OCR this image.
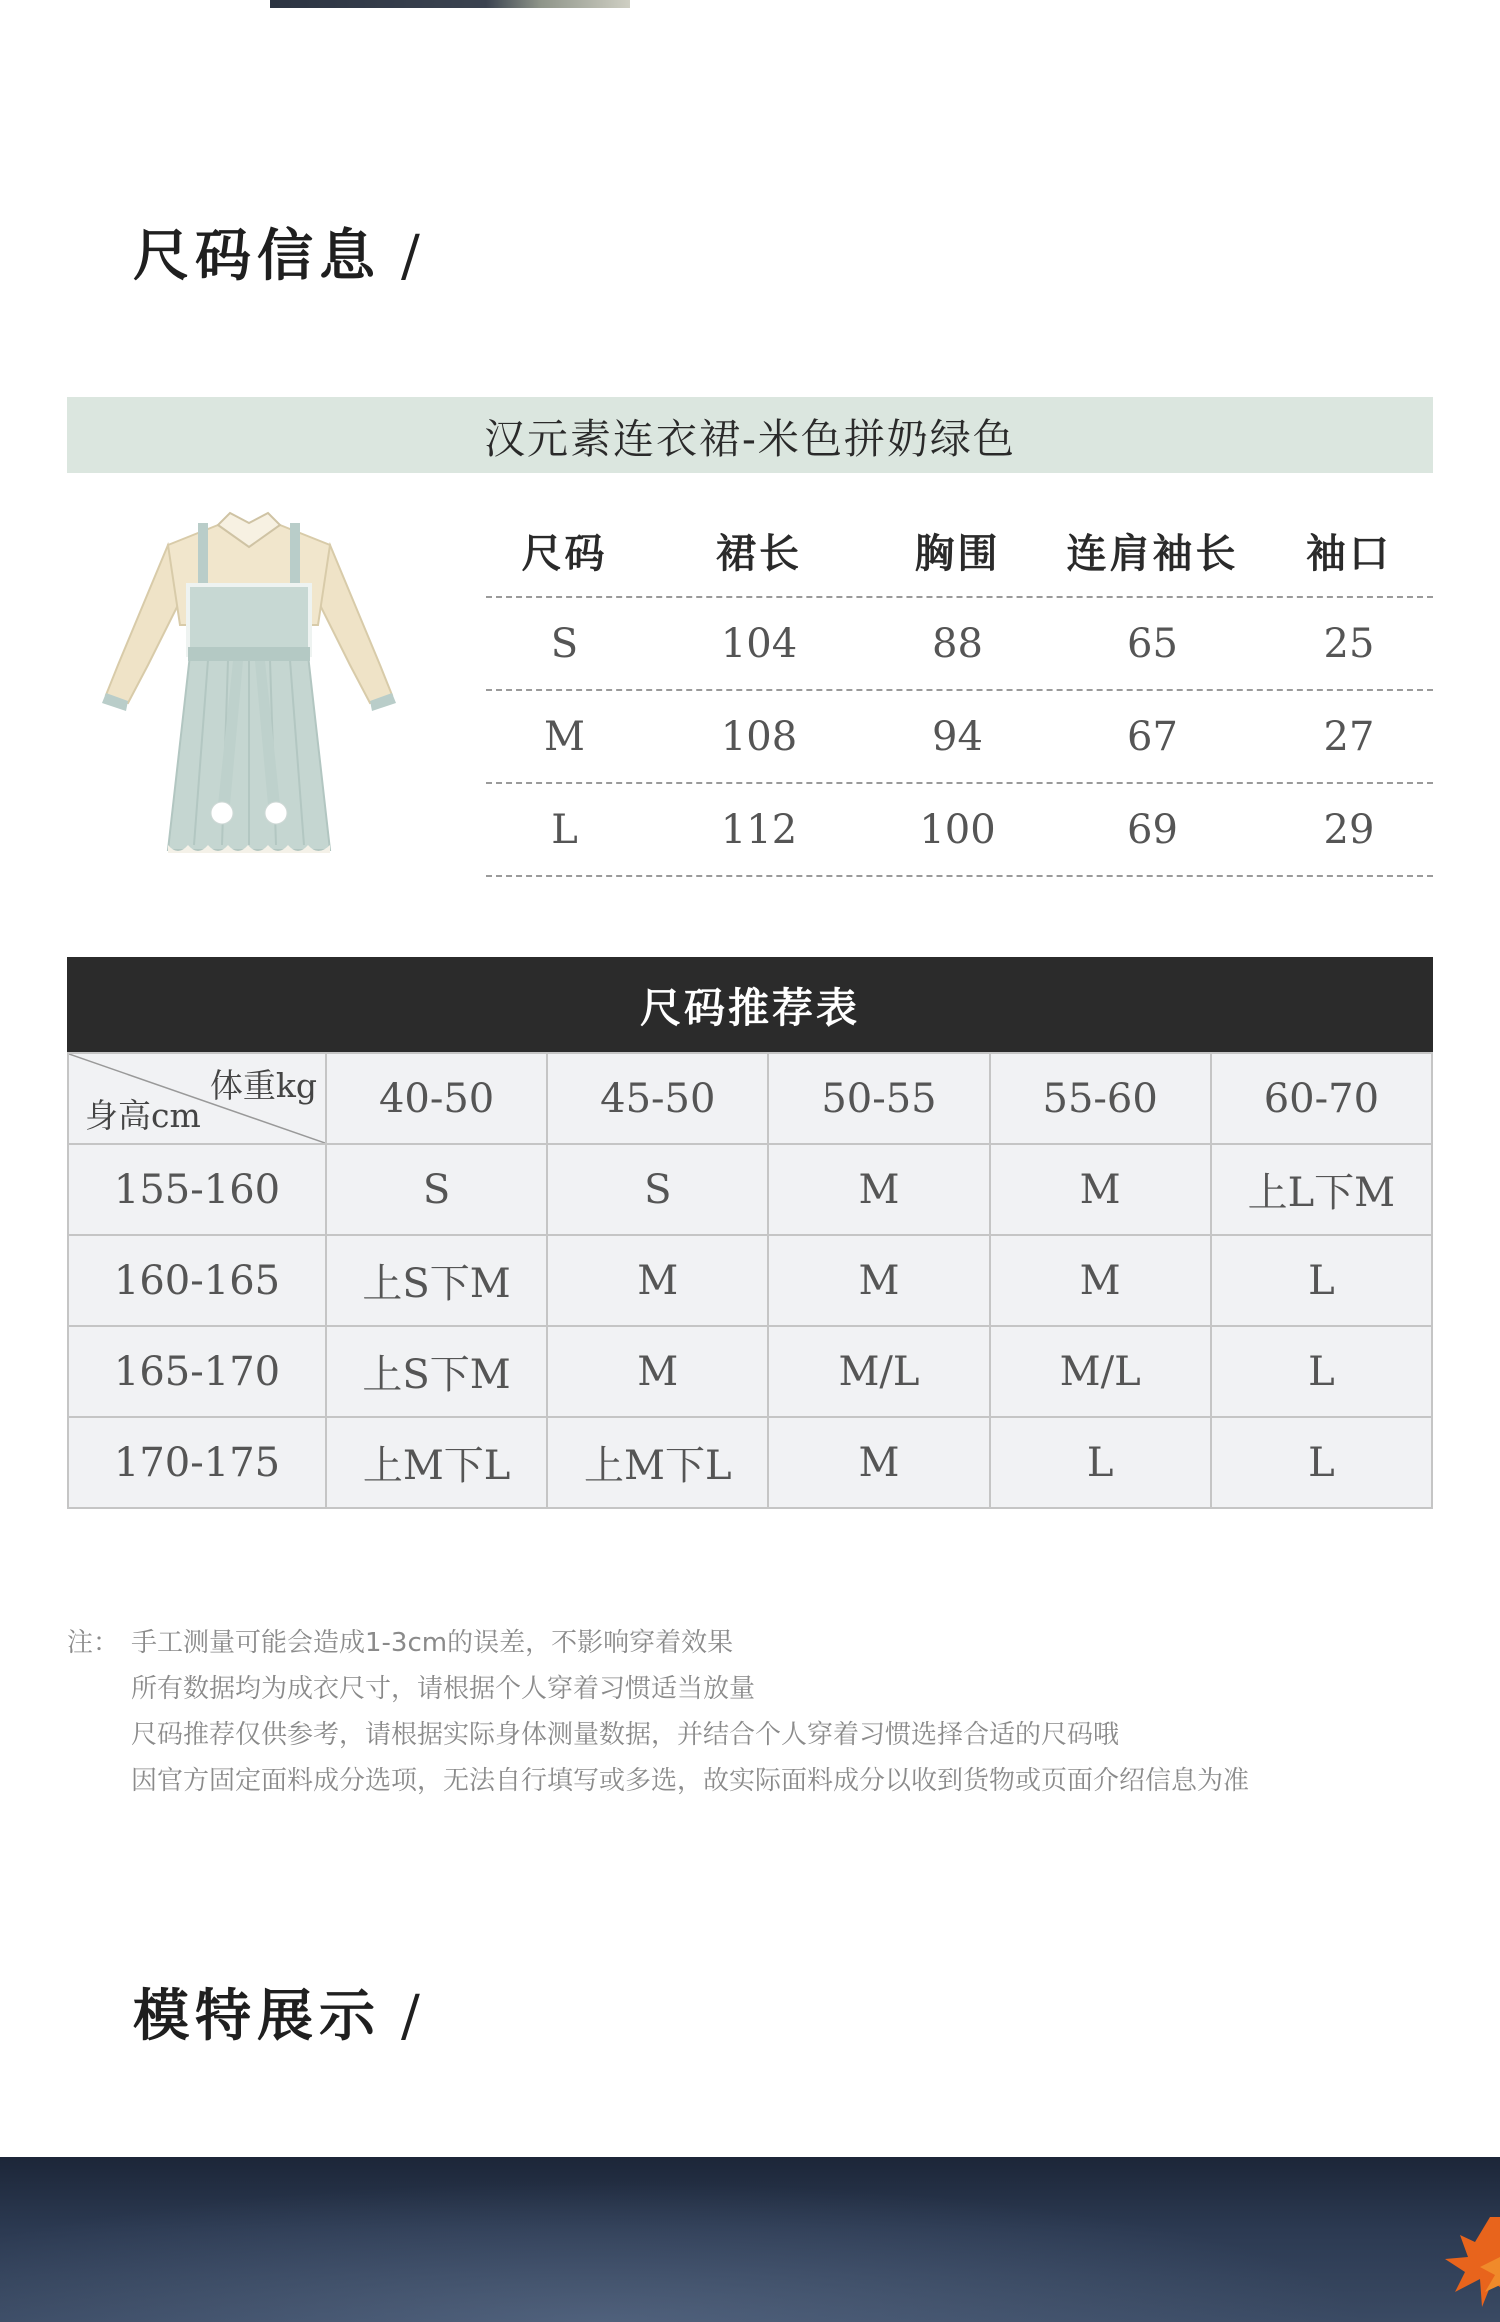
尺码信息 /
汉元素连衣裙-米色拼奶绿色
尺码	裙长	胸围	连肩袖长	袖口
S	104	88	65	25
M	108	94	67	27
L	112	100	69	29
尺码推荐表
体重kg
身高cm	40-50	45-50	50-55	55-60	60-70
155-160	S	S	M	M	上L下M
160-165	上S下M	M	M	M	L
165-170	上S下M	M	M/L	M/L	L
170-175	上M下L	上M下L	M	L	L
注： 手工测量可能会造成1-3cm的误差，不影响穿着效果
所有数据均为成衣尺寸，请根据个人穿着习惯适当放量
尺码推荐仅供参考，请根据实际身体测量数据，并结合个人穿着习惯选择合适的尺码哦
因官方固定面料成分选项，无法自行填写或多选，故实际面料成分以收到货物或页面介绍信息为准
模特展示 /
